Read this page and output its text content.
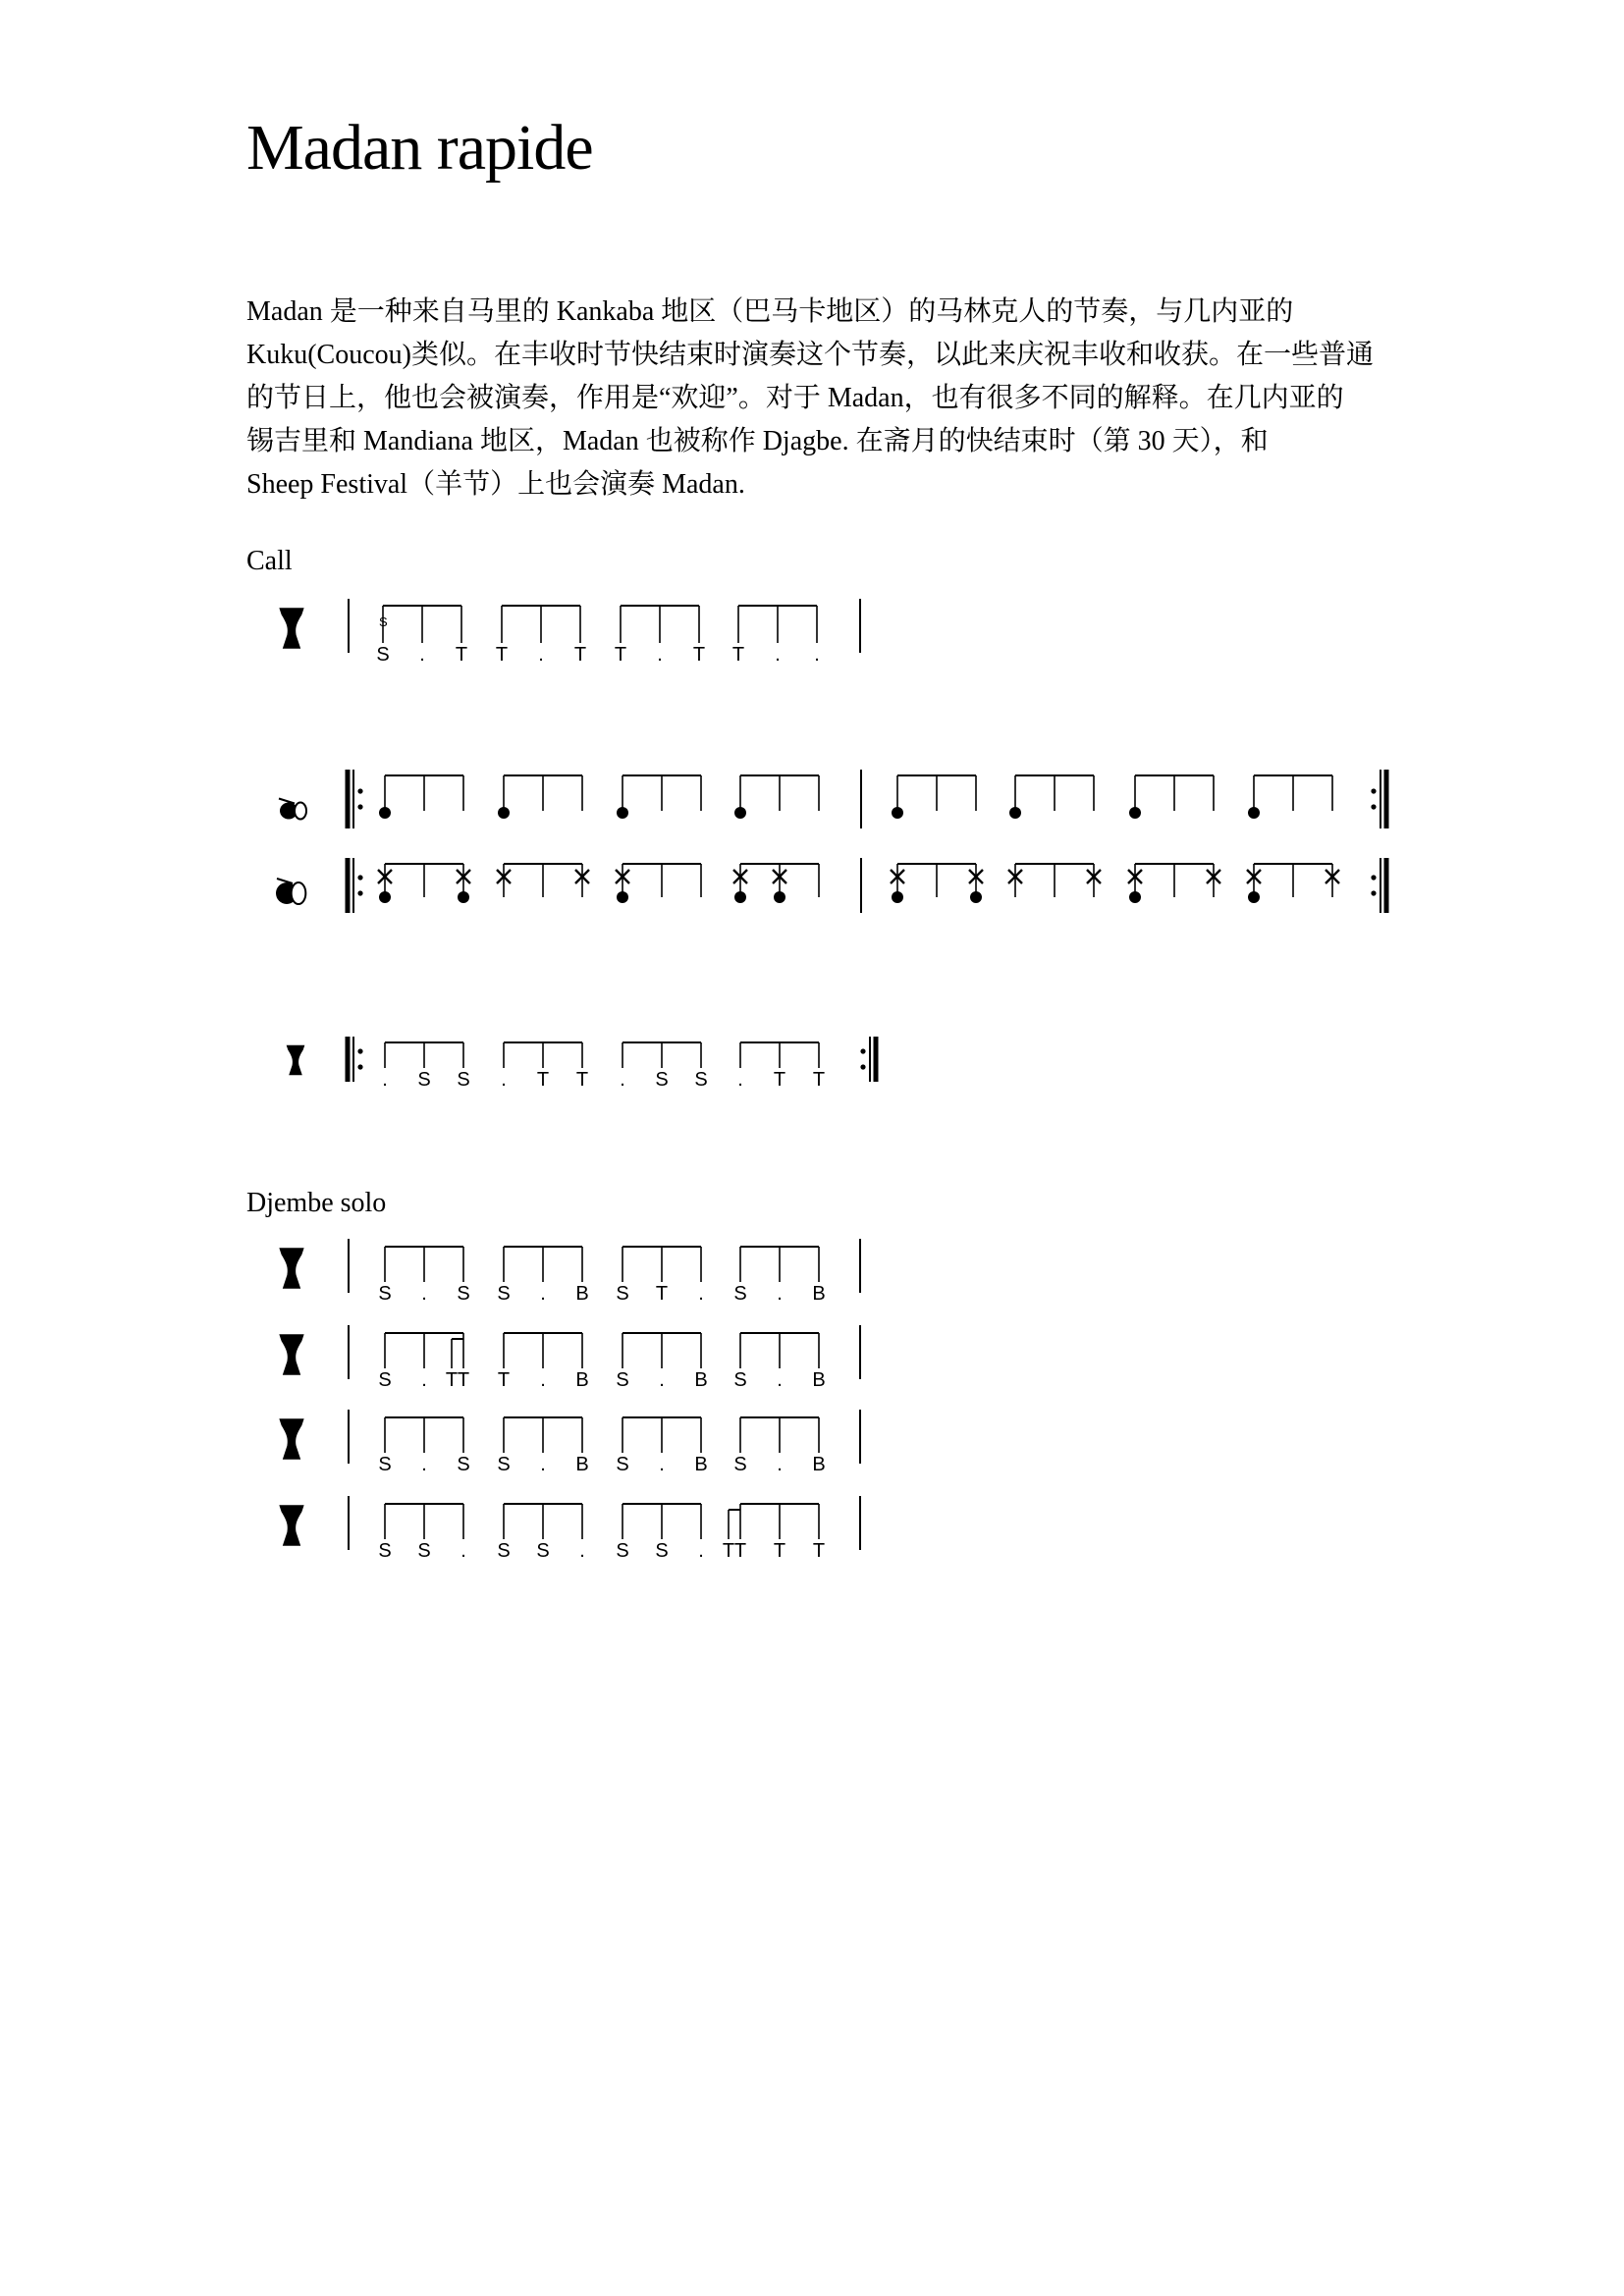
Madan rapide

Madan 是一种来自马里的 Kankaba 地区（巴马卡地区）的马林克人的节奏，与几内亚的
Kuku(Coucou)类似。在丰收时节快结束时演奏这个节奏，以此来庆祝丰收和收获。在一些普通
的节日上，他也会被演奏，作用是“欢迎”。对于 Madan，也有很多不同的解释。在几内亚的
锡吉里和 Mandiana 地区，Madan 也被称作 Djagbe. 在斋月的快结束时（第 30 天），和
Sheep Festival（羊节）上也会演奏 Madan.

Call
Djembe solo
S . T T . T T . T T . .
S
. S S . T T . S S . T T
S . S S . B S T . S . B
S . T
T T . B S . B S . B
S . S S . B S . B S . B
S S . S S . S S . T T T
T
